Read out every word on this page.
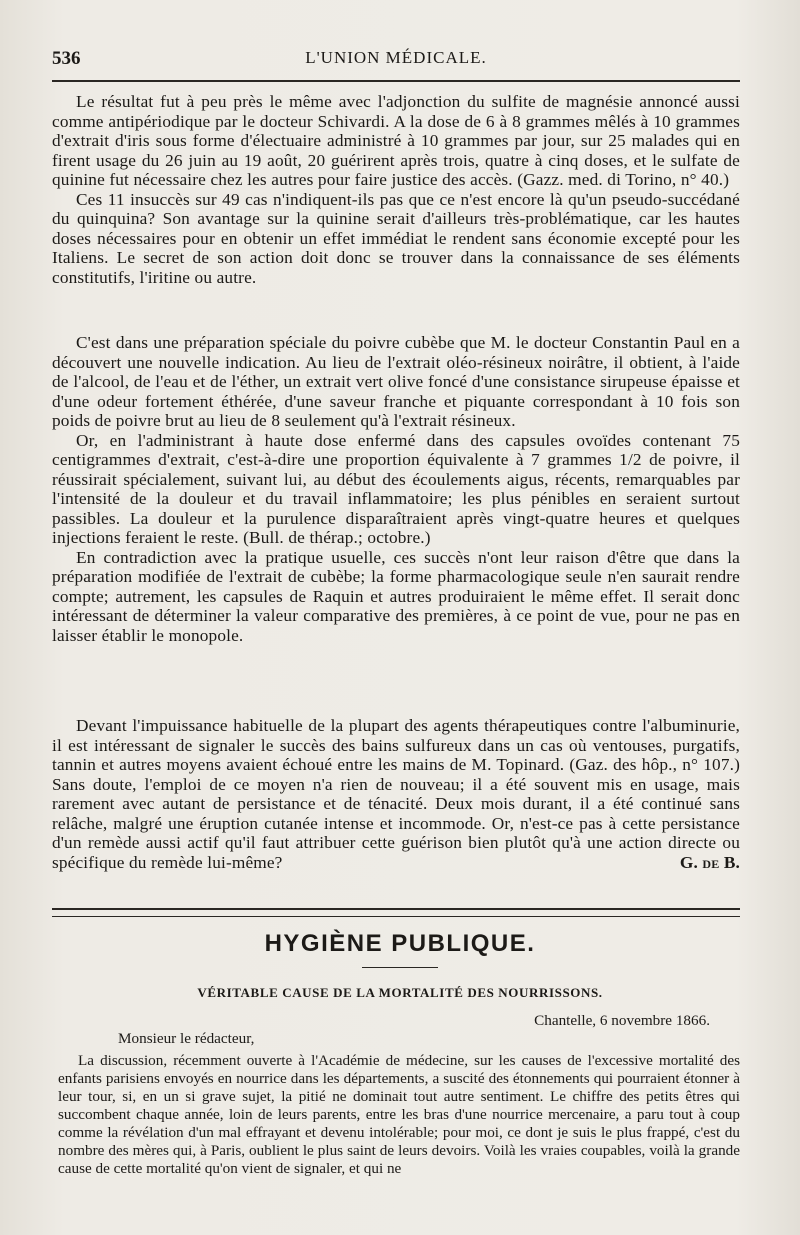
536	L'UNION MÉDICALE.

Le résultat fut à peu près le même avec l'adjonction du sulfite de magnésie annoncé aussi comme antipériodique par le docteur Schivardi. A la dose de 6 à 8 grammes mêlés à 10 grammes d'extrait d'iris sous forme d'électuaire administré à 10 grammes par jour, sur 25 malades qui en firent usage du 26 juin au 19 août, 20 guérirent après trois, quatre à cinq doses, et le sulfate de quinine fut nécessaire chez les autres pour faire justice des accès. (Gazz. med. di Torino, n° 40.)

Ces 11 insuccès sur 49 cas n'indiquent-ils pas que ce n'est encore là qu'un pseudo-succédané du quinquina? Son avantage sur la quinine serait d'ailleurs très-problématique, car les hautes doses nécessaires pour en obtenir un effet immédiat le rendent sans économie excepté pour les Italiens. Le secret de son action doit donc se trouver dans la connaissance de ses éléments constitutifs, l'iritine ou autre.

C'est dans une préparation spéciale du poivre cubèbe que M. le docteur Constantin Paul en a découvert une nouvelle indication. Au lieu de l'extrait oléo-résineux noirâtre, il obtient, à l'aide de l'alcool, de l'eau et de l'éther, un extrait vert olive foncé d'une consistance sirupeuse épaisse et d'une odeur fortement éthérée, d'une saveur franche et piquante correspondant à 10 fois son poids de poivre brut au lieu de 8 seulement qu'à l'extrait résineux.

Or, en l'administrant à haute dose enfermé dans des capsules ovoïdes contenant 75 centigrammes d'extrait, c'est-à-dire une proportion équivalente à 7 grammes 1/2 de poivre, il réussirait spécialement, suivant lui, au début des écoulements aigus, récents, remarquables par l'intensité de la douleur et du travail inflammatoire; les plus pénibles en seraient surtout passibles. La douleur et la purulence disparaîtraient après vingt-quatre heures et quelques injections feraient le reste. (Bull. de thérap.; octobre.)

En contradiction avec la pratique usuelle, ces succès n'ont leur raison d'être que dans la préparation modifiée de l'extrait de cubèbe; la forme pharmacologique seule n'en saurait rendre compte; autrement, les capsules de Raquin et autres produiraient le même effet. Il serait donc intéressant de déterminer la valeur comparative des premières, à ce point de vue, pour ne pas en laisser établir le monopole.

Devant l'impuissance habituelle de la plupart des agents thérapeutiques contre l'albuminurie, il est intéressant de signaler le succès des bains sulfureux dans un cas où ventouses, purgatifs, tannin et autres moyens avaient échoué entre les mains de M. Topinard. (Gaz. des hôp., n° 107.) Sans doute, l'emploi de ce moyen n'a rien de nouveau; il a été souvent mis en usage, mais rarement avec autant de persistance et de ténacité. Deux mois durant, il a été continué sans relâche, malgré une éruption cutanée intense et incommode. Or, n'est-ce pas à cette persistance d'un remède aussi actif qu'il faut attribuer cette guérison bien plutôt qu'à une action directe ou spécifique du remède lui-même?	G. de B.

HYGIÈNE PUBLIQUE.
VÉRITABLE CAUSE DE LA MORTALITÉ DES NOURRISSONS.
Chantelle, 6 novembre 1866.

Monsieur le rédacteur,

La discussion, récemment ouverte à l'Académie de médecine, sur les causes de l'excessive mortalité des enfants parisiens envoyés en nourrice dans les départements, a suscité des étonnements qui pourraient étonner à leur tour, si, en un si grave sujet, la pitié ne dominait tout autre sentiment. Le chiffre des petits êtres qui succombent chaque année, loin de leurs parents, entre les bras d'une nourrice mercenaire, a paru tout à coup comme la révélation d'un mal effrayant et devenu intolérable; pour moi, ce dont je suis le plus frappé, c'est du nombre des mères qui, à Paris, oublient le plus saint de leurs devoirs. Voilà les vraies coupables, voilà la grande cause de cette mortalité qu'on vient de signaler, et qui ne
